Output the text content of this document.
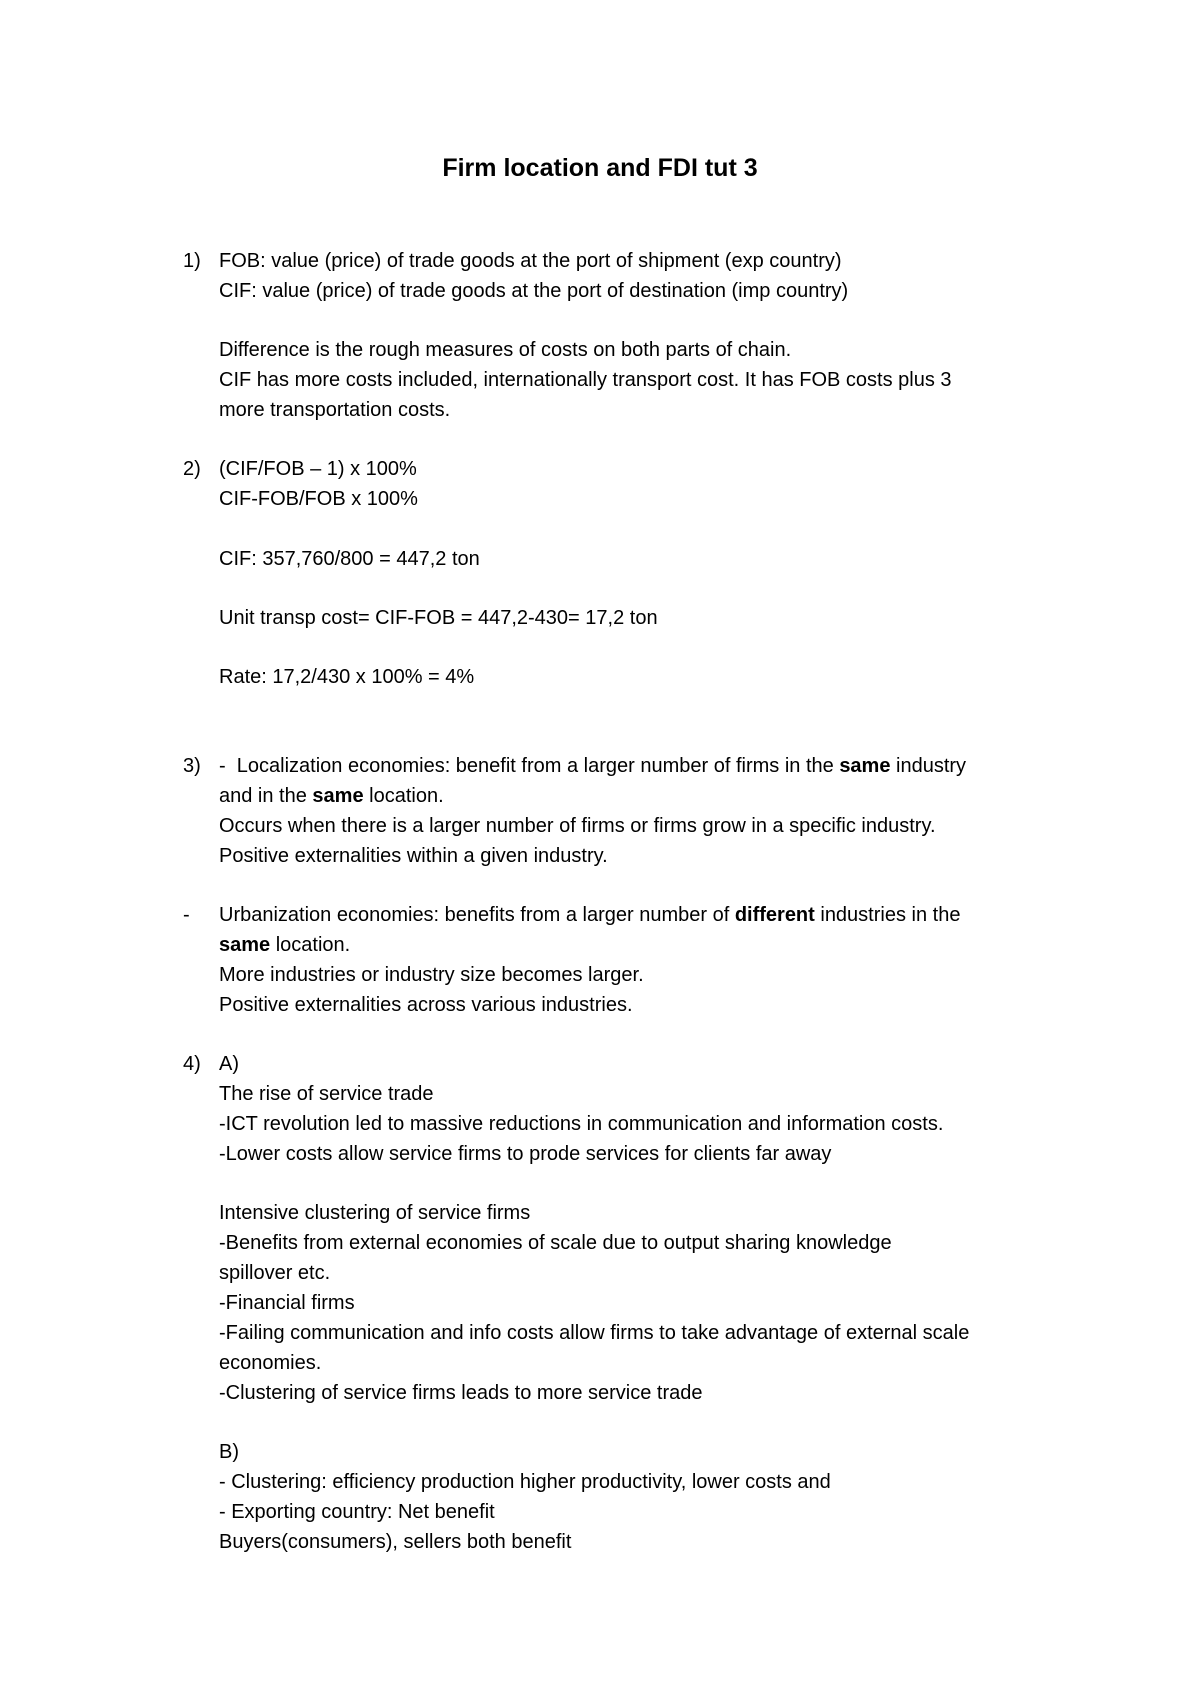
Firm location and FDI tut 3
1) FOB: value (price) of trade goods at the port of shipment (exp country)
CIF: value (price) of trade goods at the port of destination (imp country)
Difference is the rough measures of costs on both parts of chain.
CIF has more costs included, internationally transport cost. It has FOB costs plus 3
more transportation costs.
2) (CIF/FOB – 1) x 100%
CIF-FOB/FOB x 100%
CIF: 357,760/800 = 447,2 ton
Unit transp cost= CIF-FOB = 447,2-430= 17,2 ton
Rate: 17,2/430 x 100% = 4%
3) - Localization economies: benefit from a larger number of firms in the same industry
and in the same location.
Occurs when there is a larger number of firms or firms grow in a specific industry.
Positive externalities within a given industry.
- Urbanization economies: benefits from a larger number of different industries in the
same location.
More industries or industry size becomes larger.
Positive externalities across various industries.
4) A)
The rise of service trade
-ICT revolution led to massive reductions in communication and information costs.
-Lower costs allow service firms to prode services for clients far away
Intensive clustering of service firms
-Benefits from external economies of scale due to output sharing knowledge
spillover etc.
-Financial firms
-Failing communication and info costs allow firms to take advantage of external scale
economies.
-Clustering of service firms leads to more service trade
B)
- Clustering: efficiency production higher productivity, lower costs and
- Exporting country: Net benefit
Buyers(consumers), sellers both benefit
